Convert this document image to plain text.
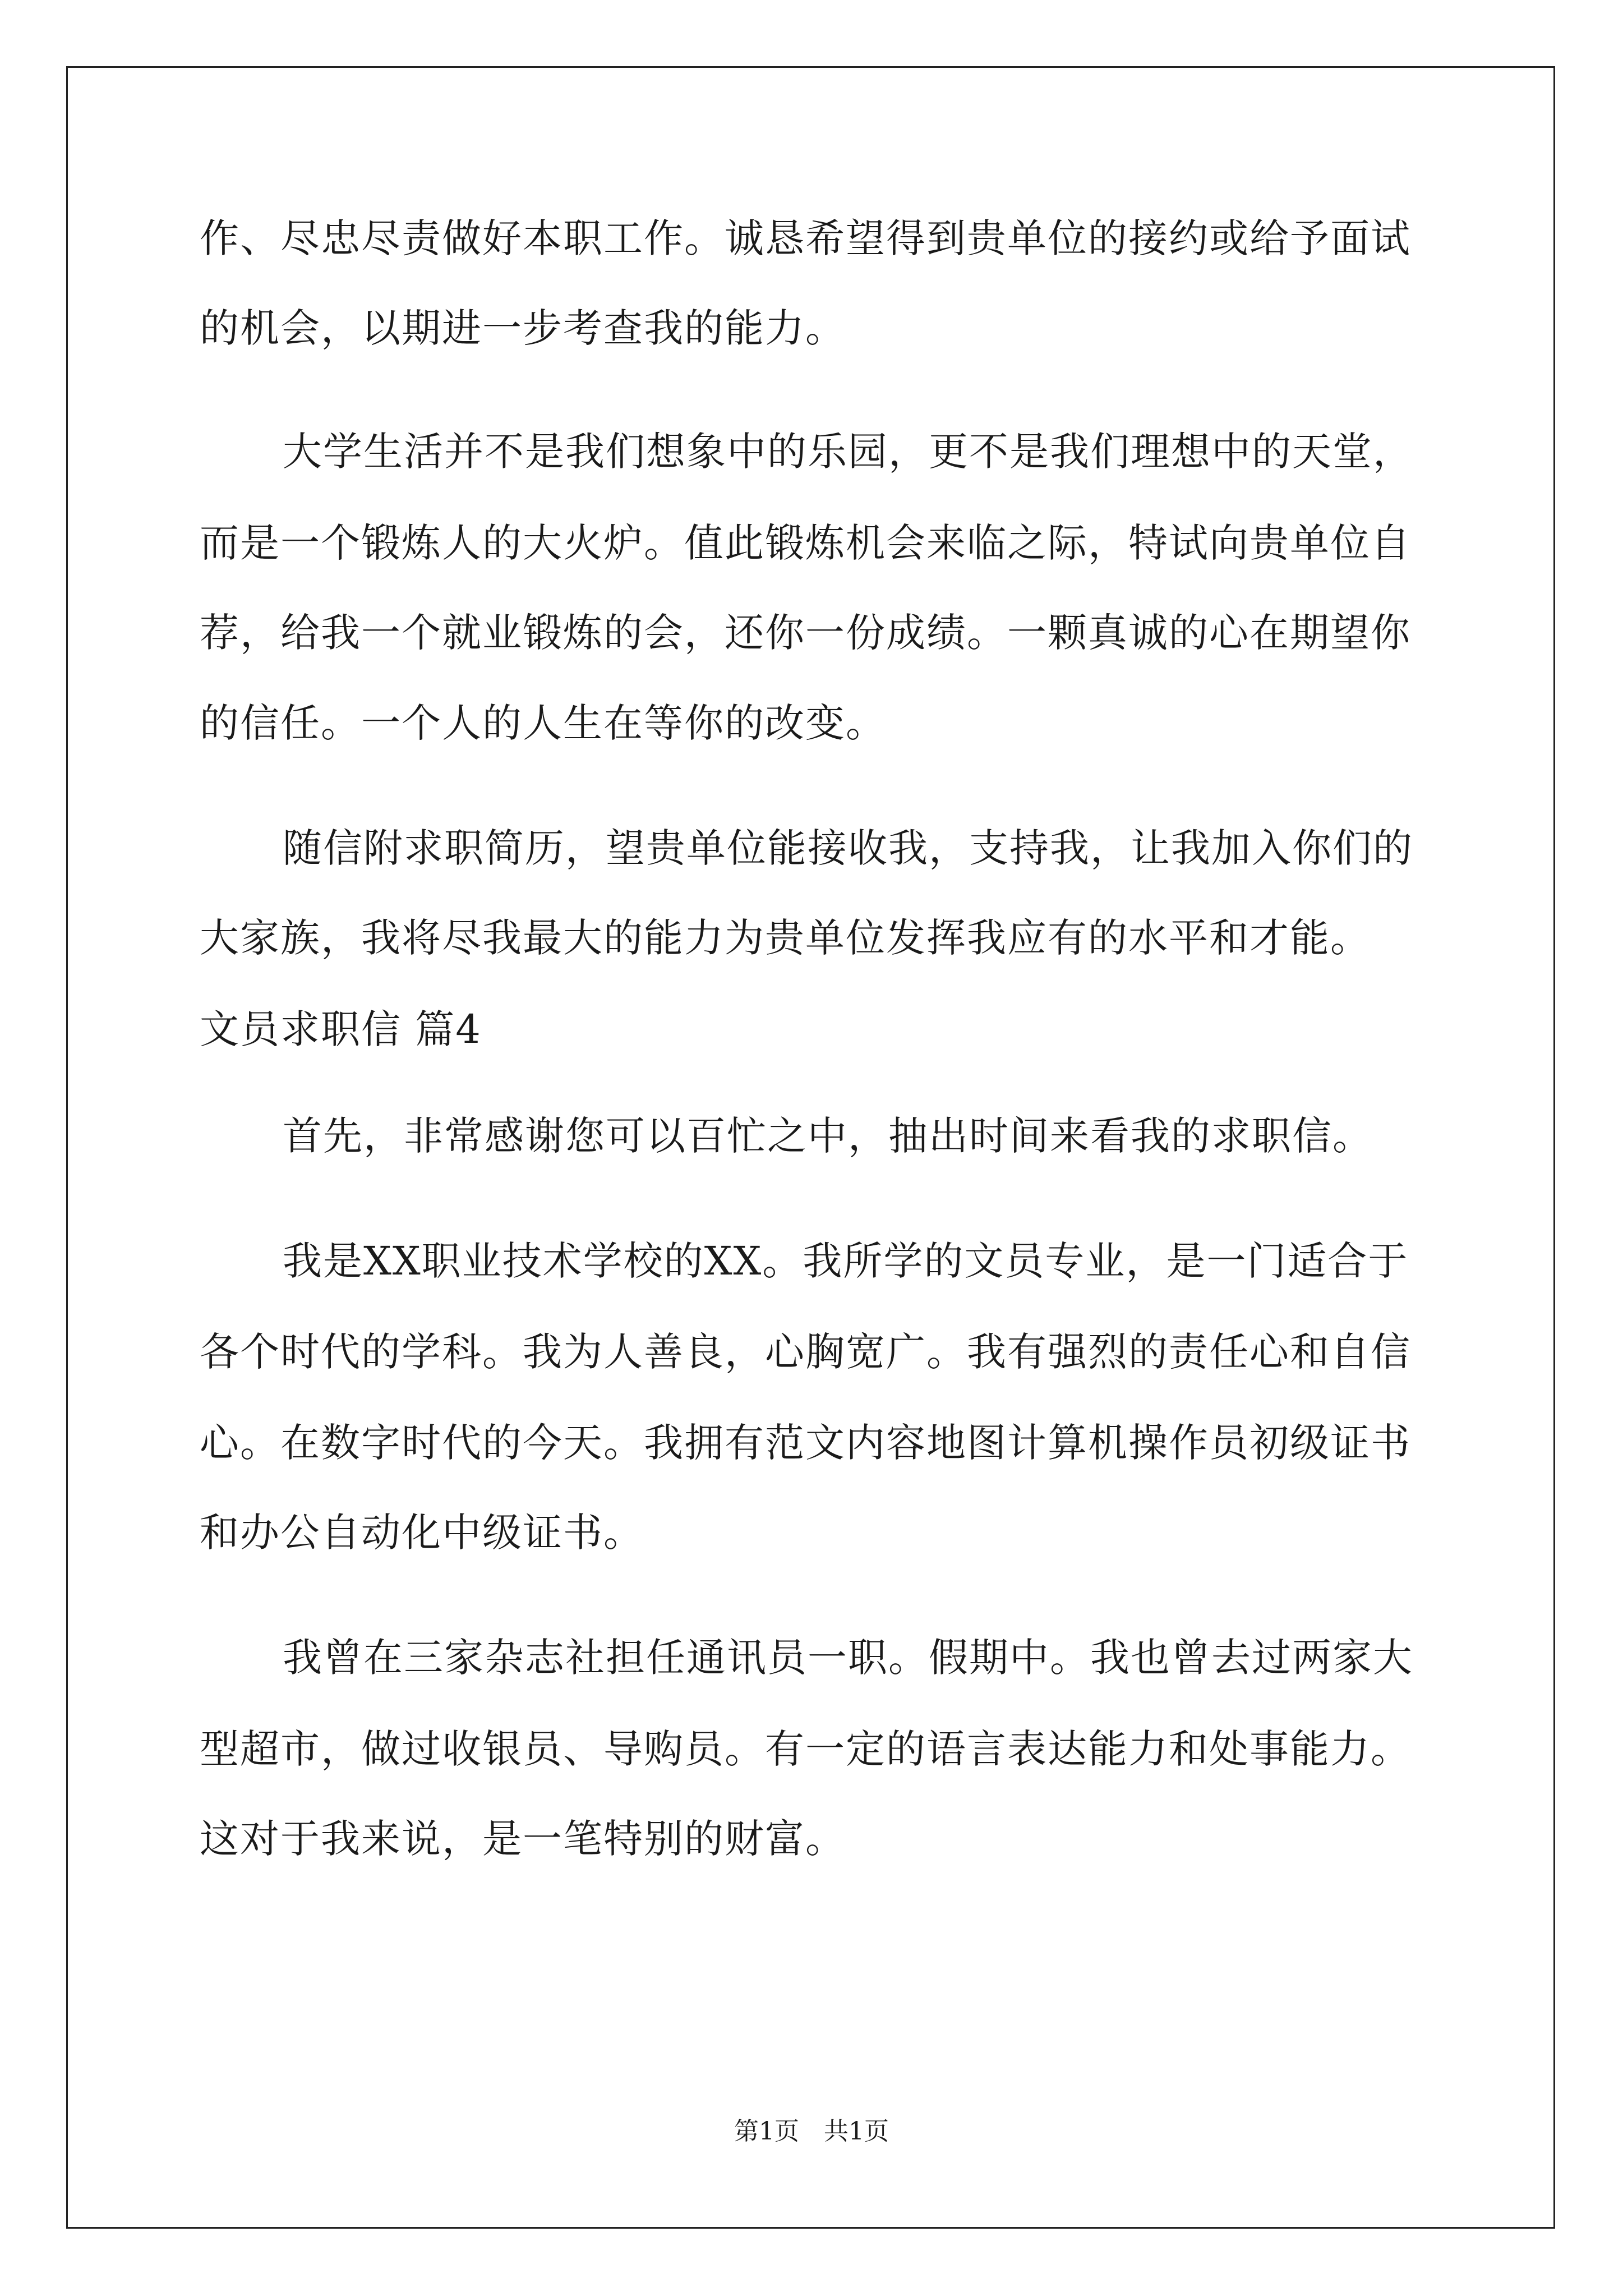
作、尽忠尽责做好本职工作。诚恳希望得到贵单位的接约或给予面试
的机会，以期进一步考查我的能力。
大学生活并不是我们想象中的乐园，更不是我们理想中的天堂，
而是一个锻炼人的大火炉。值此锻炼机会来临之际，特试向贵单位自
荐，给我一个就业锻炼的会，还你一份成绩。一颗真诚的心在期望你
的信任。一个人的人生在等你的改变。
随信附求职简历，望贵单位能接收我，支持我，让我加入你们的
大家族，我将尽我最大的能力为贵单位发挥我应有的水平和才能。
文员求职信 篇4
首先，非常感谢您可以百忙之中，抽出时间来看我的求职信。
我是XX职业技术学校的XX。我所学的文员专业，是一门适合于
各个时代的学科。我为人善良，心胸宽广。我有强烈的责任心和自信
心。在数字时代的今天。我拥有范文内容地图计算机操作员初级证书
和办公自动化中级证书。
我曾在三家杂志社担任通讯员一职。假期中。我也曾去过两家大
型超市，做过收银员、导购员。有一定的语言表达能力和处事能力。
这对于我来说，是一笔特别的财富。
第1页　共1页
